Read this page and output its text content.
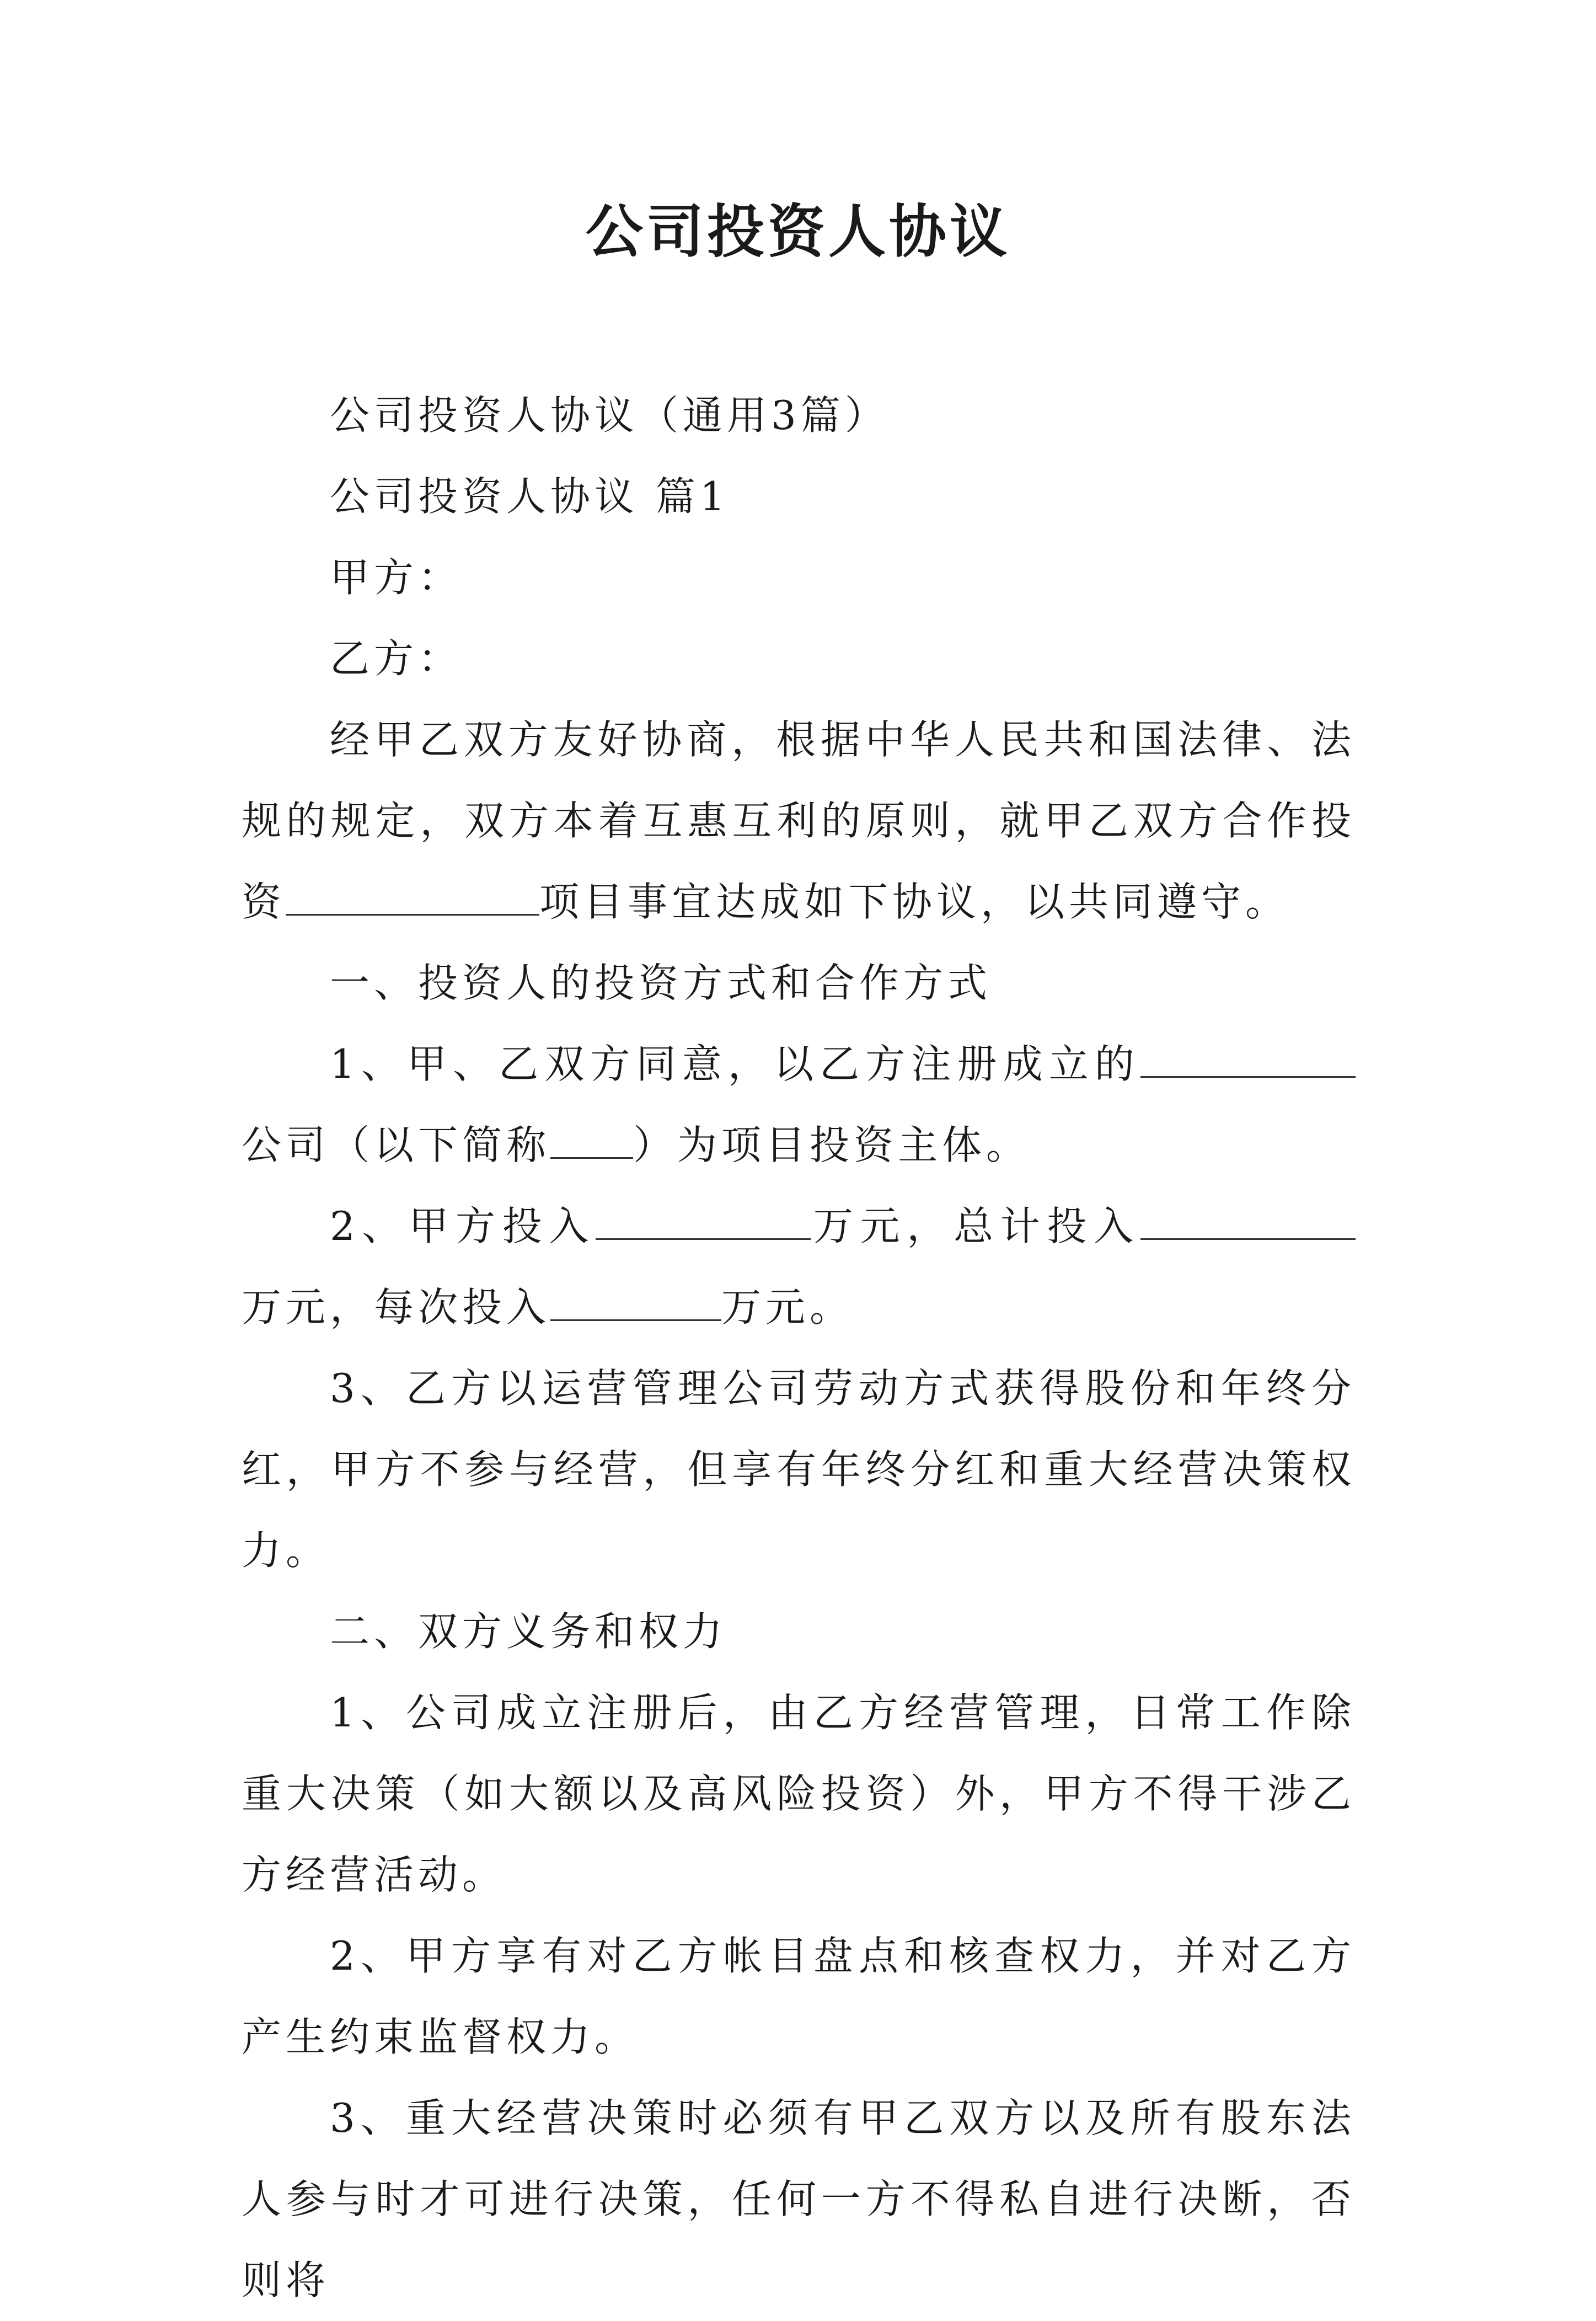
公司投资人协议

公司投资人协议（通用3篇）

公司投资人协议 篇1

甲方：

乙方：

经甲乙双方友好协商，根据中华人民共和国法律、法规的规定，双方本着互惠互利的原则，就甲乙双方合作投资	项目事宜达成如下协议，以共同遵守。

一、投资人的投资方式和合作方式

1、甲、乙双方同意，以乙方注册成立的公司（以下简称 ）为项目投资主体。

2、甲方投入	万元，总计投入万元，每次投入	万元。

3、乙方以运营管理公司劳动方式获得股份和年终分红，甲方不参与经营，但享有年终分红和重大经营决策权力。

二、双方义务和权力

1、公司成立注册后，由乙方经营管理，日常工作除重大决策（如大额以及高风险投资）外，甲方不得干涉乙方经营活动。

2、甲方享有对乙方帐目盘点和核查权力，并对乙方产生约束监督权力。

3、重大经营决策时必须有甲乙双方以及所有股东法人参与时才可进行决策，任何一方不得私自进行决断，否则将
